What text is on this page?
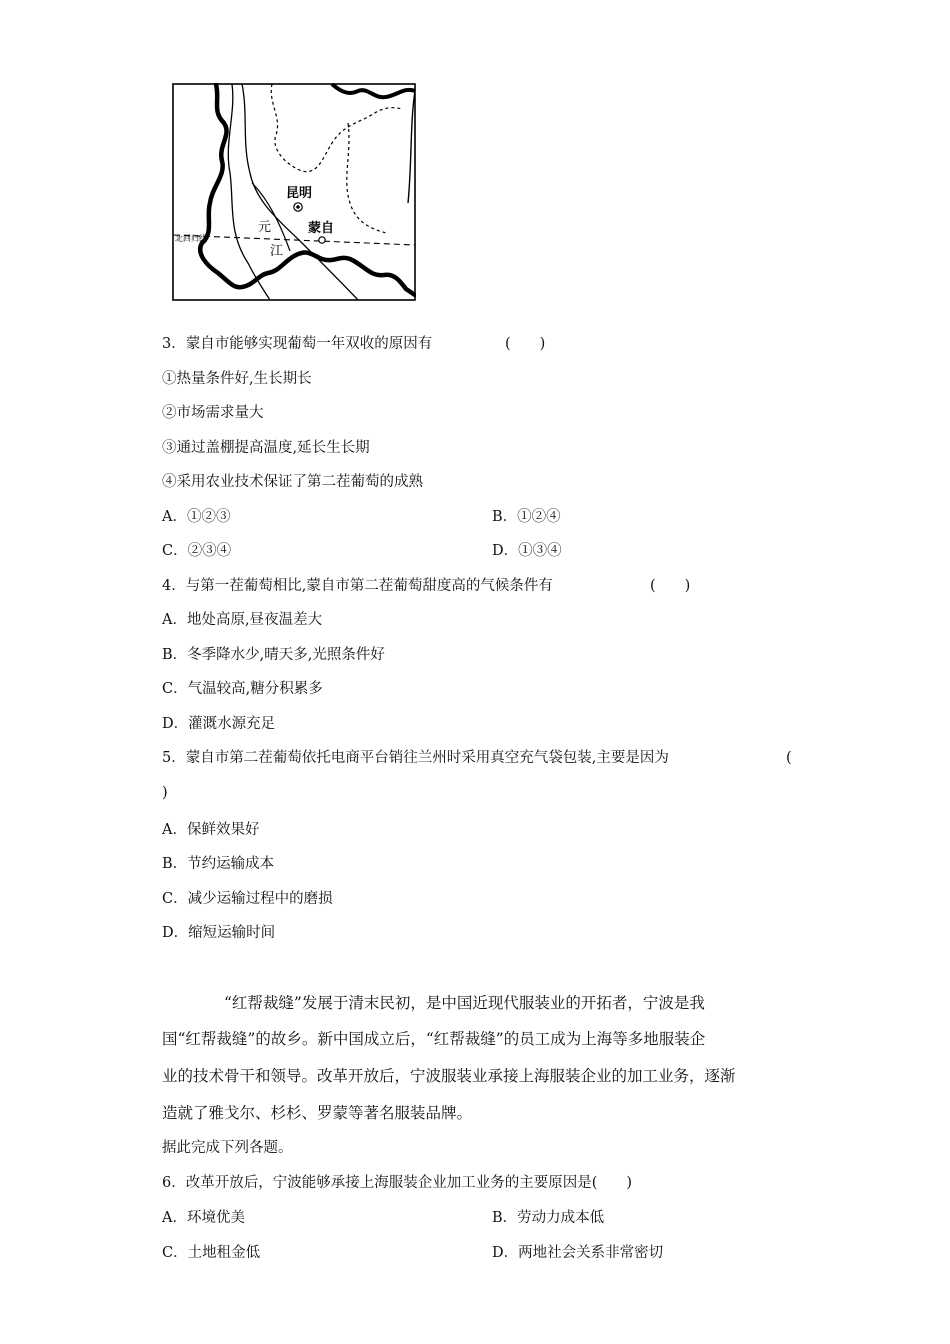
昆明
蒙自
元
江
北回归线
3．蒙自市能够实现葡萄一年双收的原因有	(　　)
①热量条件好,生长期长
②市场需求量大
③通过盖棚提高温度,延长生长期
④采用农业技术保证了第二茬葡萄的成熟
A．①②③	B．①②④
C．②③④	D．①③④
4．与第一茬葡萄相比,蒙自市第二茬葡萄甜度高的气候条件有	(　　)
A．地处高原,昼夜温差大
B．冬季降水少,晴天多,光照条件好
C．气温较高,糖分积累多
D．灌溉水源充足
5．蒙自市第二茬葡萄依托电商平台销往兰州时采用真空充气袋包装,主要是因为	(
)
A．保鲜效果好
B．节约运输成本
C．减少运输过程中的磨损
D．缩短运输时间
　　　　“红帮裁缝”发展于清末民初，是中国近现代服装业的开拓者，宁波是我
国“红帮裁缝”的故乡。新中国成立后，“红帮裁缝”的员工成为上海等多地服装企
业的技术骨干和领导。改革开放后，宁波服装业承接上海服装企业的加工业务，逐渐
造就了雅戈尔、杉杉、罗蒙等著名服装品牌。
据此完成下列各题。
6．改革开放后，宁波能够承接上海服装企业加工业务的主要原因是(　　)
A．环境优美	B．劳动力成本低
C．土地租金低	D．两地社会关系非常密切
